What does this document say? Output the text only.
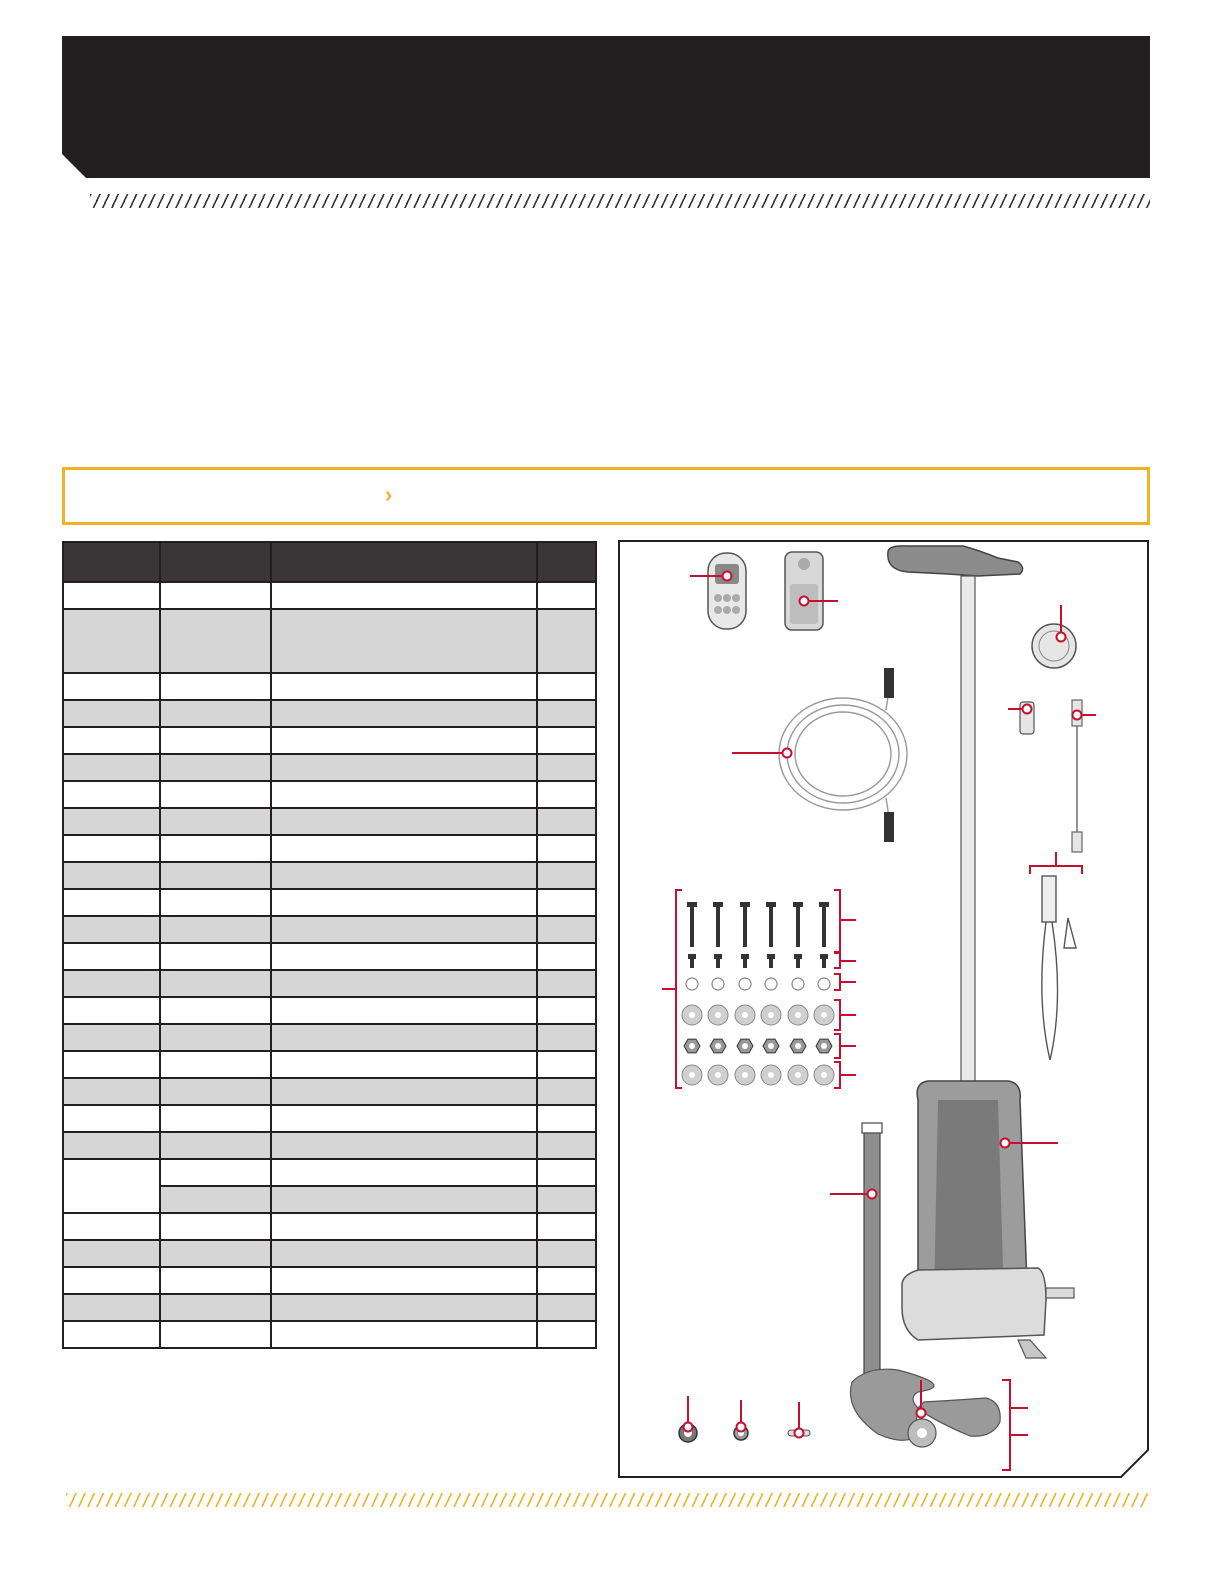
›
